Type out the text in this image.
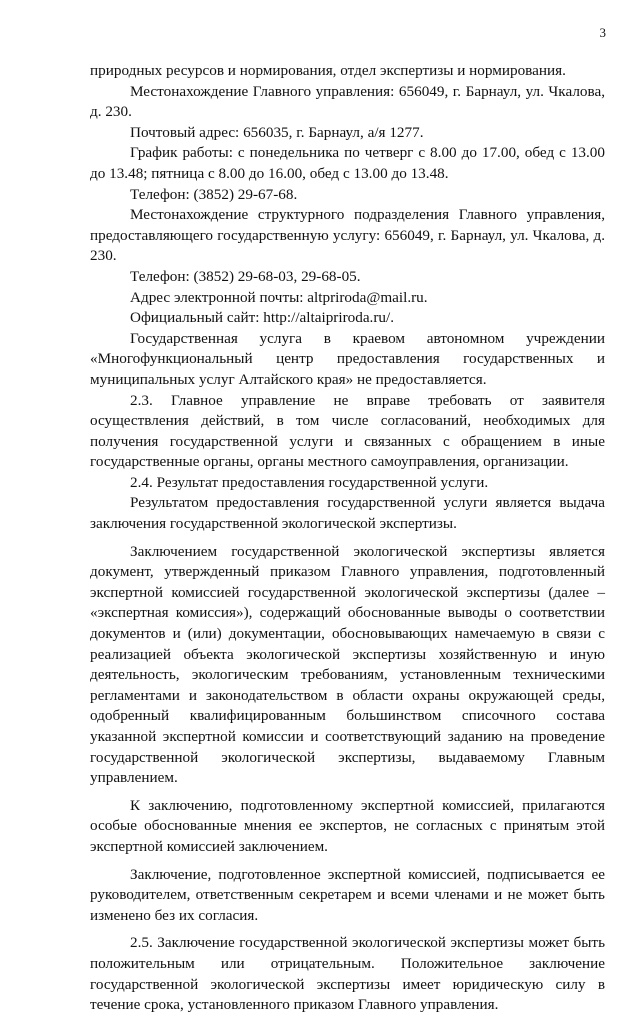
3

природных ресурсов и нормирования, отдел экспертизы и нормирования.

Местонахождение Главного управления: 656049, г. Барнаул, ул. Чкалова, д. 230.

Почтовый адрес: 656035, г. Барнаул, а/я 1277.

График работы: с понедельника по четверг с 8.00 до 17.00, обед с 13.00 до 13.48; пятница с 8.00 до 16.00, обед с 13.00 до 13.48.

Телефон: (3852) 29-67-68.

Местонахождение структурного подразделения Главного управления, предоставляющего государственную услугу: 656049, г. Барнаул, ул. Чкалова, д. 230.

Телефон: (3852) 29-68-03, 29-68-05.

Адрес электронной почты: altpriroda@mail.ru.

Официальный сайт: http://altaipriroda.ru/.

Государственная услуга в краевом автономном учреждении «Многофункциональный центр предоставления государственных и муниципальных услуг Алтайского края» не предоставляется.

2.3. Главное управление не вправе требовать от заявителя осуществления действий, в том числе согласований, необходимых для получения государственной услуги и связанных с обращением в иные государственные органы, органы местного самоуправления, организации.

2.4. Результат предоставления государственной услуги.

Результатом предоставления государственной услуги является выдача заключения государственной экологической экспертизы.

Заключением государственной экологической экспертизы является документ, утвержденный приказом Главного управления, подготовленный экспертной комиссией государственной экологической экспертизы (далее – «экспертная комиссия»), содержащий обоснованные выводы о соответствии документов и (или) документации, обосновывающих намечаемую в связи с реализацией объекта экологической экспертизы хозяйственную и иную деятельность, экологическим требованиям, установленным техническими регламентами и законодательством в области охраны окружающей среды, одобренный квалифицированным большинством списочного состава указанной экспертной комиссии и соответствующий заданию на проведение государственной экологической экспертизы, выдаваемому Главным управлением.

К заключению, подготовленному экспертной комиссией, прилагаются особые обоснованные мнения ее экспертов, не согласных с принятым этой экспертной комиссией заключением.

Заключение, подготовленное экспертной комиссией, подписывается ее руководителем, ответственным секретарем и всеми членами и не может быть изменено без их согласия.

2.5. Заключение государственной экологической экспертизы может быть положительным или отрицательным. Положительное заключение государственной экологической экспертизы имеет юридическую силу в течение срока, установленного приказом Главного управления.
